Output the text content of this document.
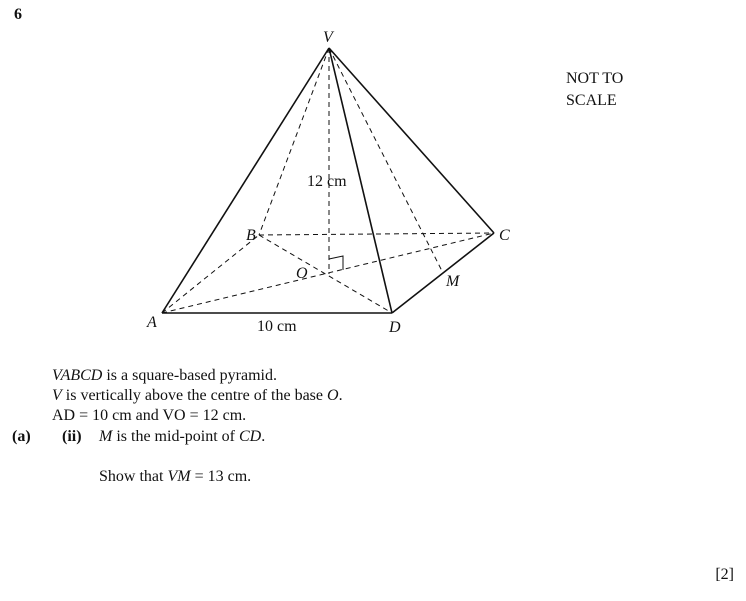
6
NOT TO
SCALE
V
A
B	C
D
O	M
12 cm
10 cm
VABCD is a square-based pyramid.
V is vertically above the centre of the base O.
AD = 10 cm and VO = 12 cm.
(a) (ii) M is the mid-point of CD.
Show that VM = 13 cm.
[2]
